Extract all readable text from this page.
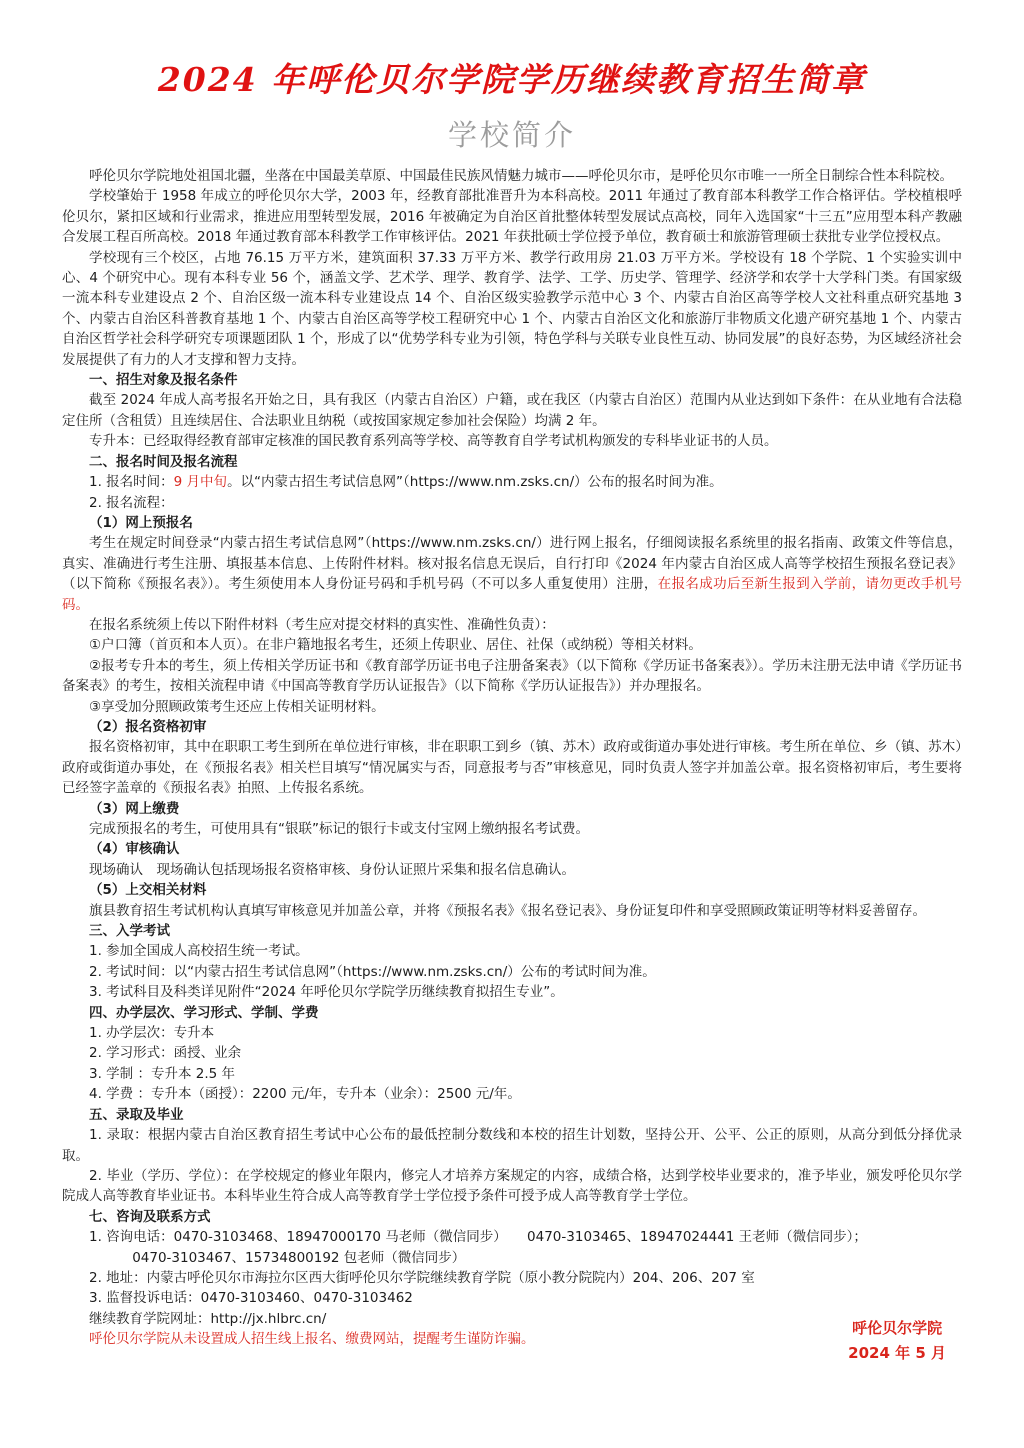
2024 年呼伦贝尔学院学历继续教育招生简章
学校简介

呼伦贝尔学院地处祖国北疆，坐落在中国最美草原、中国最佳民族风情魅力城市——呼伦贝尔市，是呼伦贝尔市唯一一所全日制综合性本科院校。

学校肇始于 1958 年成立的呼伦贝尔大学，2003 年，经教育部批准晋升为本科高校。2011 年通过了教育部本科教学工作合格评估。学校植根呼伦贝尔，紧扣区域和行业需求，推进应用型转型发展，2016 年被确定为自治区首批整体转型发展试点高校，同年入选国家“十三五”应用型本科产教融合发展工程百所高校。2018 年通过教育部本科教学工作审核评估。2021 年获批硕士学位授予单位，教育硕士和旅游管理硕士获批专业学位授权点。

学校现有三个校区，占地 76.15 万平方米，建筑面积 37.33 万平方米、教学行政用房 21.03 万平方米。学校设有 18 个学院、1 个实验实训中心、4 个研究中心。现有本科专业 56 个，涵盖文学、艺术学、理学、教育学、法学、工学、历史学、管理学、经济学和农学十大学科门类。有国家级一流本科专业建设点 2 个、自治区级一流本科专业建设点 14 个、自治区级实验教学示范中心 3 个、内蒙古自治区高等学校人文社科重点研究基地 3 个、内蒙古自治区科普教育基地 1 个、内蒙古自治区高等学校工程研究中心 1 个、内蒙古自治区文化和旅游厅非物质文化遗产研究基地 1 个、内蒙古自治区哲学社会科学研究专项课题团队 1 个，形成了以“优势学科专业为引领，特色学科与关联专业良性互动、协同发展”的良好态势，为区域经济社会发展提供了有力的人才支撑和智力支持。

一、招生对象及报名条件

截至 2024 年成人高考报名开始之日，具有我区（内蒙古自治区）户籍，或在我区（内蒙古自治区）范围内从业达到如下条件：在从业地有合法稳定住所（含租赁）且连续居住、合法职业且纳税（或按国家规定参加社会保险）均满 2 年。

专升本：已经取得经教育部审定核准的国民教育系列高等学校、高等教育自学考试机构颁发的专科毕业证书的人员。

二、报名时间及报名流程

1. 报名时间：9 月中旬。以“内蒙古招生考试信息网”（https://www.nm.zsks.cn/）公布的报名时间为准。

2. 报名流程：

（1）网上预报名

考生在规定时间登录“内蒙古招生考试信息网”（https://www.nm.zsks.cn/）进行网上报名，仔细阅读报名系统里的报名指南、政策文件等信息，真实、准确进行考生注册、填报基本信息、上传附件材料。核对报名信息无误后，自行打印《2024 年内蒙古自治区成人高等学校招生预报名登记表》（以下简称《预报名表》）。考生须使用本人身份证号码和手机号码（不可以多人重复使用）注册，在报名成功后至新生报到入学前，请勿更改手机号码。

在报名系统须上传以下附件材料（考生应对提交材料的真实性、准确性负责）：

①户口簿（首页和本人页）。在非户籍地报名考生，还须上传职业、居住、社保（或纳税）等相关材料。

②报考专升本的考生，须上传相关学历证书和《教育部学历证书电子注册备案表》（以下简称《学历证书备案表》）。学历未注册无法申请《学历证书备案表》的考生，按相关流程申请《中国高等教育学历认证报告》（以下简称《学历认证报告》）并办理报名。

③享受加分照顾政策考生还应上传相关证明材料。

（2）报名资格初审

报名资格初审，其中在职职工考生到所在单位进行审核，非在职职工到乡（镇、苏木）政府或街道办事处进行审核。考生所在单位、乡（镇、苏木）政府或街道办事处，在《预报名表》相关栏目填写“情况属实与否，同意报考与否”审核意见，同时负责人签字并加盖公章。报名资格初审后，考生要将已经签字盖章的《预报名表》拍照、上传报名系统。

（3）网上缴费

完成预报名的考生，可使用具有“银联”标记的银行卡或支付宝网上缴纳报名考试费。

（4）审核确认

现场确认　现场确认包括现场报名资格审核、身份认证照片采集和报名信息确认。

（5）上交相关材料

旗县教育招生考试机构认真填写审核意见并加盖公章，并将《预报名表》《报名登记表》、身份证复印件和享受照顾政策证明等材料妥善留存。

三、入学考试

1. 参加全国成人高校招生统一考试。

2. 考试时间：以“内蒙古招生考试信息网”（https://www.nm.zsks.cn/）公布的考试时间为准。

3. 考试科目及科类详见附件“2024 年呼伦贝尔学院学历继续教育拟招生专业”。

四、办学层次、学习形式、学制、学费

1. 办学层次：专升本

2. 学习形式：函授、业余

3. 学制 ：专升本 2.5 年

4. 学费 ：专升本（函授）：2200 元/年，专升本（业余）：2500 元/年。

五、录取及毕业

1. 录取：根据内蒙古自治区教育招生考试中心公布的最低控制分数线和本校的招生计划数，坚持公开、公平、公正的原则，从高分到低分择优录取。

2. 毕业（学历、学位）：在学校规定的修业年限内，修完人才培养方案规定的内容，成绩合格，达到学校毕业要求的，准予毕业，颁发呼伦贝尔学院成人高等教育毕业证书。本科毕业生符合成人高等教育学士学位授予条件可授予成人高等教育学士学位。

七、咨询及联系方式

1. 咨询电话：0470-3103468、18947000170 马老师（微信同步）　　0470-3103465、18947024441 王老师（微信同步）；

0470-3103467、15734800192 包老师（微信同步）

2. 地址：内蒙古呼伦贝尔市海拉尔区西大街呼伦贝尔学院继续教育学院（原小教分院院内）204、206、207 室

3. 监督投诉电话：0470-3103460、0470-3103462

继续教育学院网址：http://jx.hlbrc.cn/

呼伦贝尔学院从未设置成人招生线上报名、缴费网站，提醒考生谨防诈骗。

呼伦贝尔学院
2024 年 5 月
